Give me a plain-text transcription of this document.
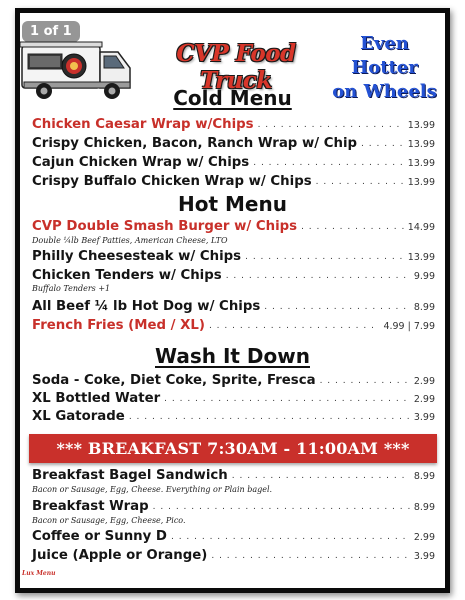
1 of 1
CVP Food Truck
Even
Hotter
on Wheels
Cold Menu
Chicken Caesar Wrap w/Chips . . .	13.99
Crispy Chicken, Bacon, Ranch Wrap w/ Chip . . .	13.99
Cajun Chicken Wrap w/ Chips . . .	13.99
Crispy Buffalo Chicken Wrap w/ Chips . . .	13.99
Hot Menu
CVP Double Smash Burger w/ Chips . . .	14.99
Double ¼lb Beef Patties, American Cheese, LTO
Philly Cheesesteak w/ Chips . . .	13.99
Chicken Tenders w/ Chips . . .	9.99
Buffalo Tenders +1
All Beef ¼ lb Hot Dog w/ Chips . . .	8.99
French Fries (Med / XL) . . .	4.99 | 7.99
Wash It Down
Soda - Coke, Diet Coke, Sprite, Fresca . . .	2.99
XL Bottled Water . . .	2.99
XL Gatorade . . .	3.99
*** BREAKFAST 7:30AM - 11:00AM ***
Breakfast Bagel Sandwich . . .	8.99
Bacon or Sausage, Egg, Cheese. Everything or Plain bagel.
Breakfast Wrap . . .	8.99
Bacon or Sausage, Egg, Cheese, Pico.
Coffee or Sunny D . . .	2.99
Juice (Apple or Orange) . . .	3.99
Lux Menu
